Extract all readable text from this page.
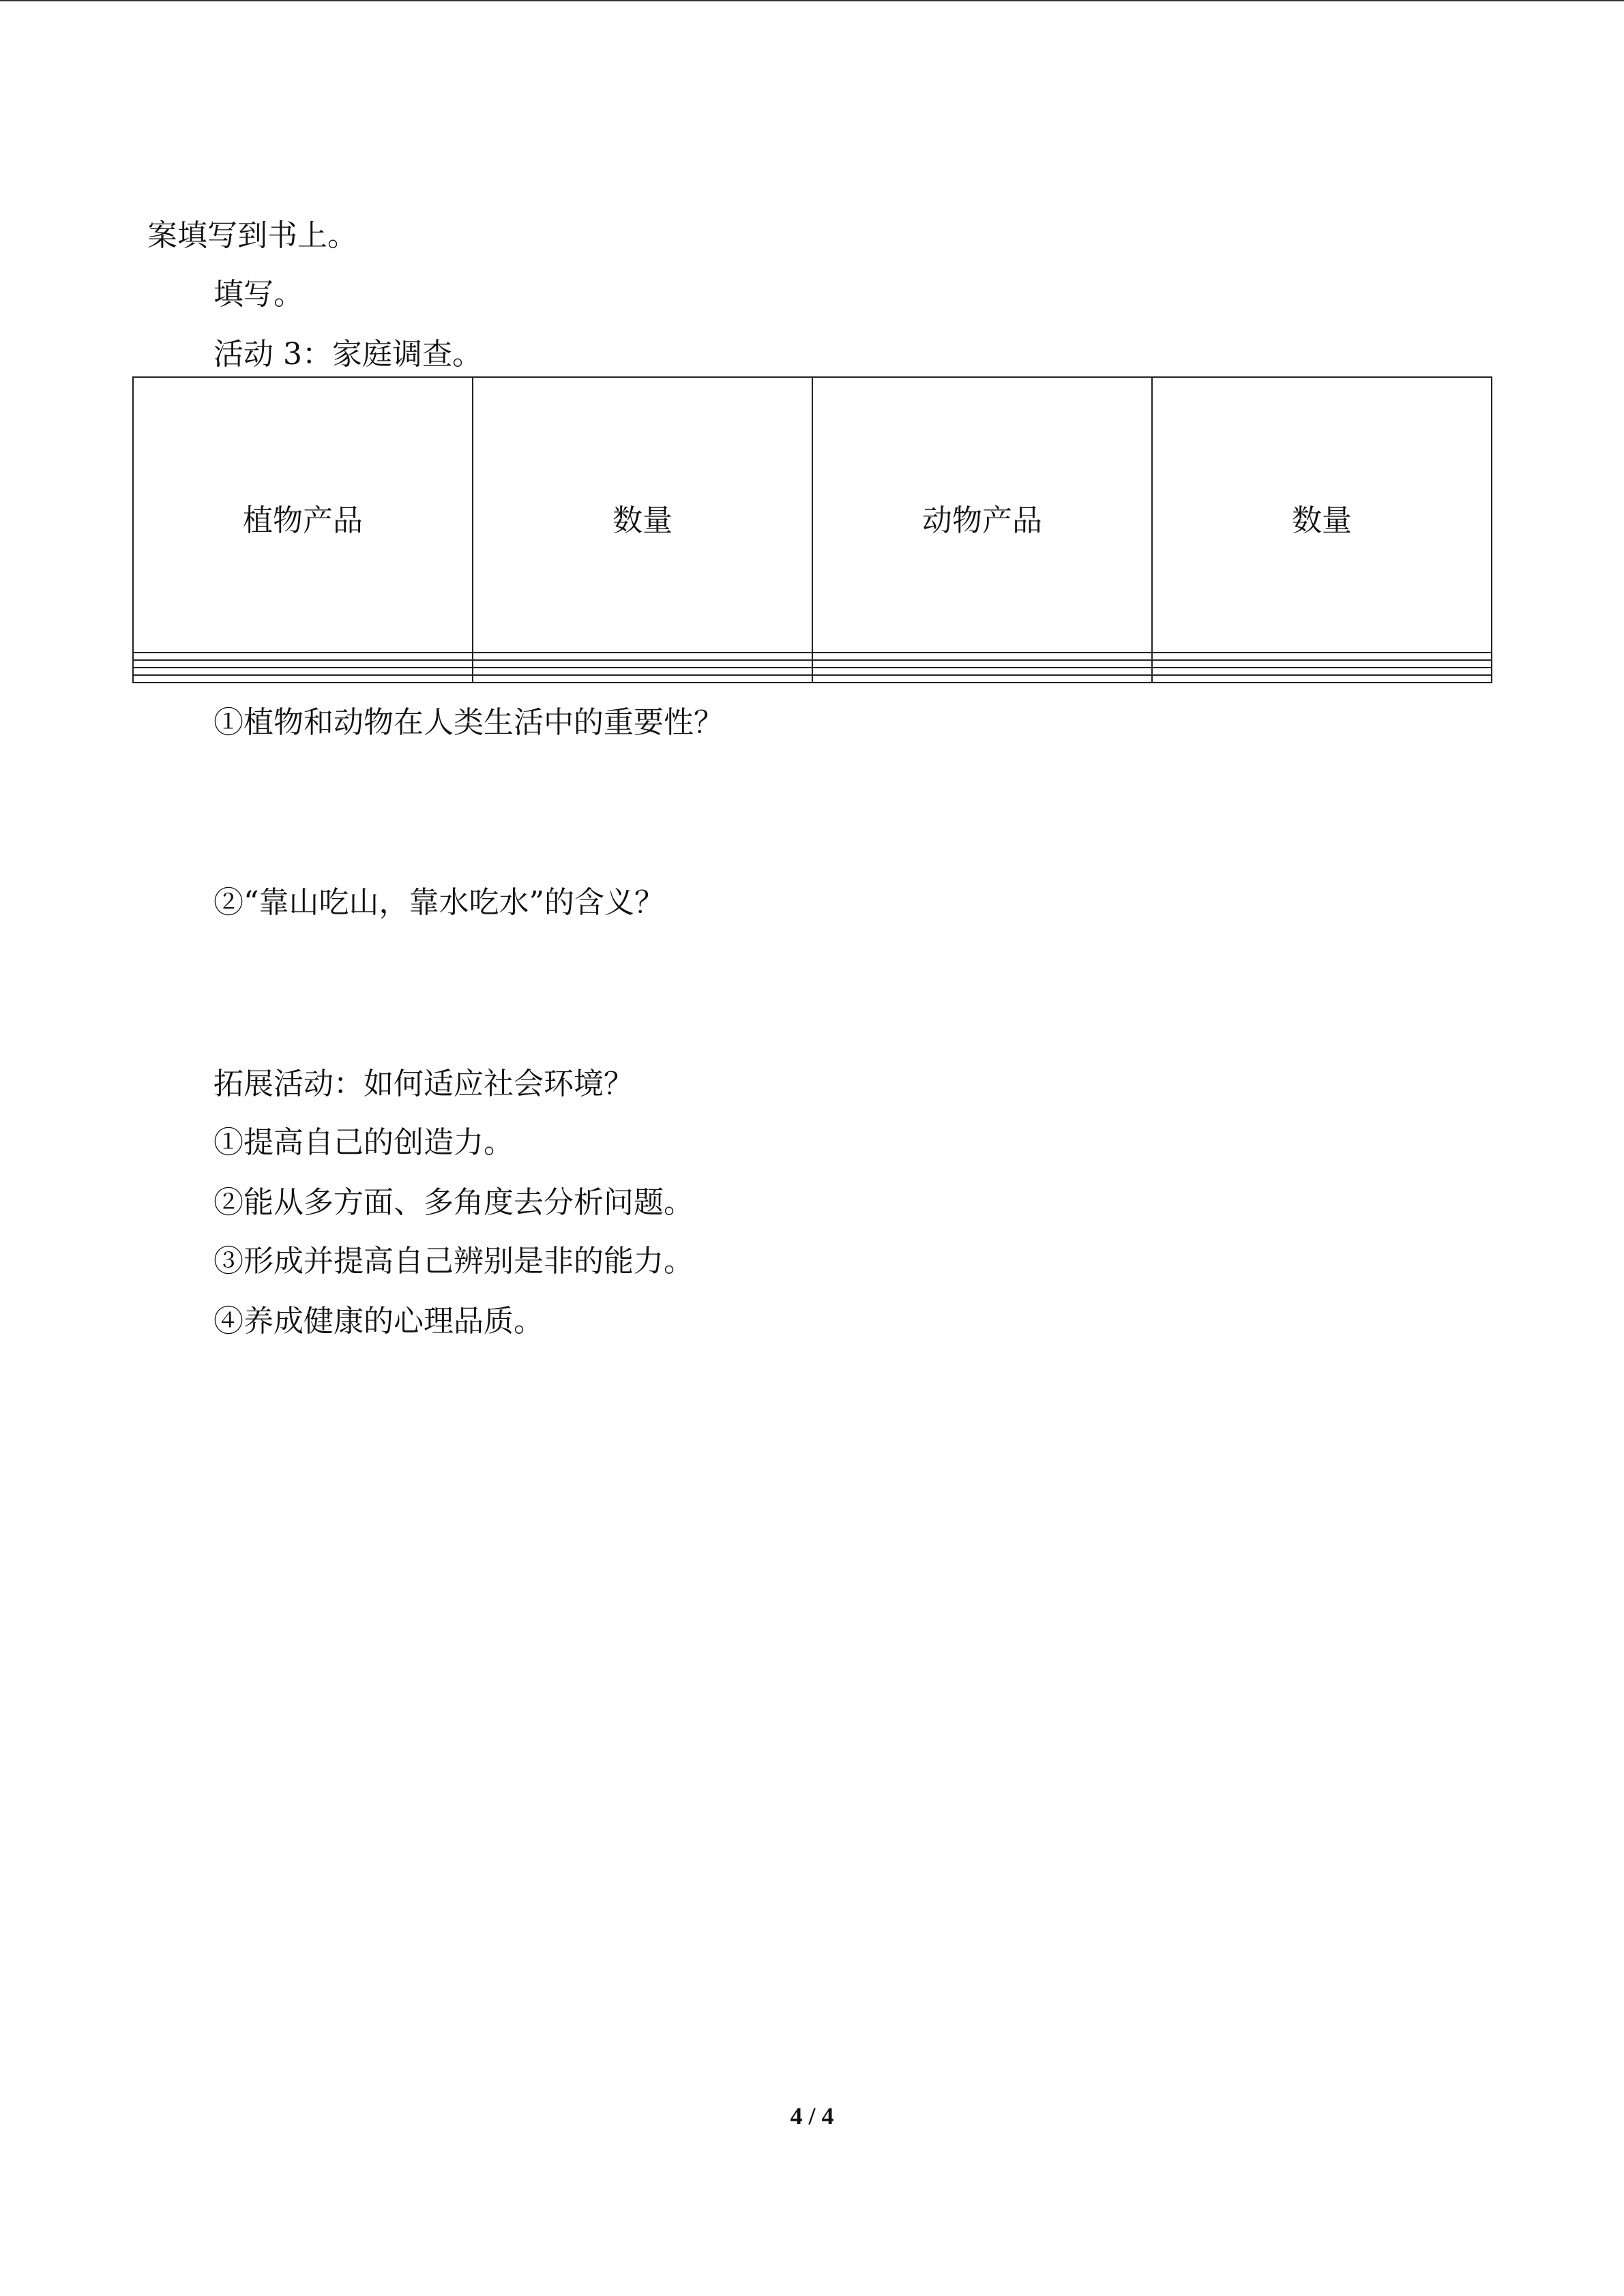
案填写到书上。
填写。
活动 3：家庭调查。
植物产品	数量	动物产品	数量

①植物和动物在人类生活中的重要性？
②“靠山吃山，靠水吃水”的含义？
拓展活动：如何适应社会环境？
①提高自己的创造力。
②能从多方面、多角度去分析问题。
③形成并提高自己辨别是非的能力。
④养成健康的心理品质。
4 / 4
